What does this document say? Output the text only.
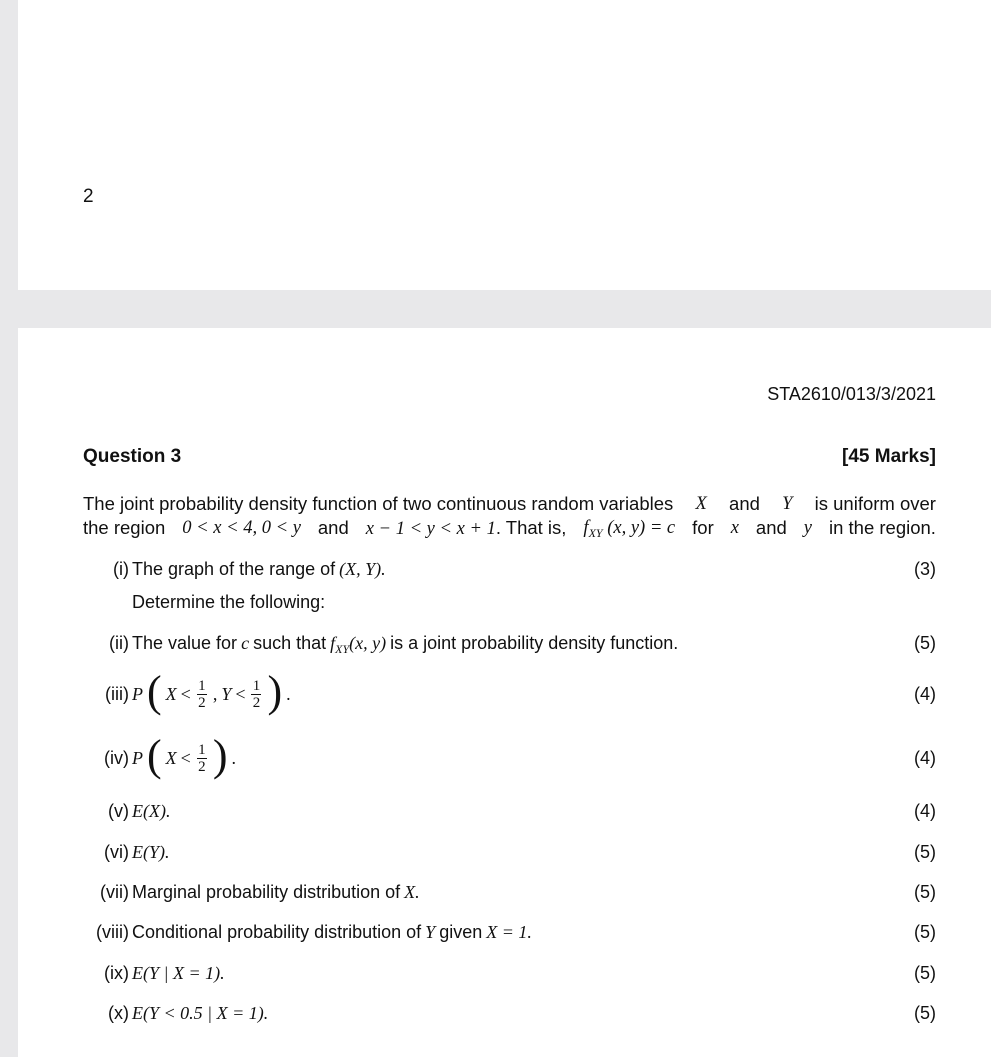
2
STA2610/013/3/2021
Question 3	[45 Marks]
The joint probability density function of two continuous random variables X and Y is uniform over
the region 0 < x < 4, 0 < y and x − 1 < y < x + 1. That is, $f_{XY}$ (x, y) = c for x and y in the region.
(i) The graph of the range of (X, Y).	(3)
Determine the following:
(ii) The value for c such that $f_{XY}(x$, y) is a joint probability density function.	(5)
(iii) P ( $X < \frac{1}{2}$ , $Y < \frac{1}{2}$ ) .	(4)
(iv) P ( $X < \frac{1}{2}$ ) .	(4)
(v) E(X).	(4)
(vi) E(Y).	(5)
(vii) Marginal probability distribution of X.	(5)
(viii) Conditional probability distribution of Y given X = 1.	(5)
(ix) E(Y | X = 1).	(5)
(x) E(Y < 0.5 | X = 1).	(5)
